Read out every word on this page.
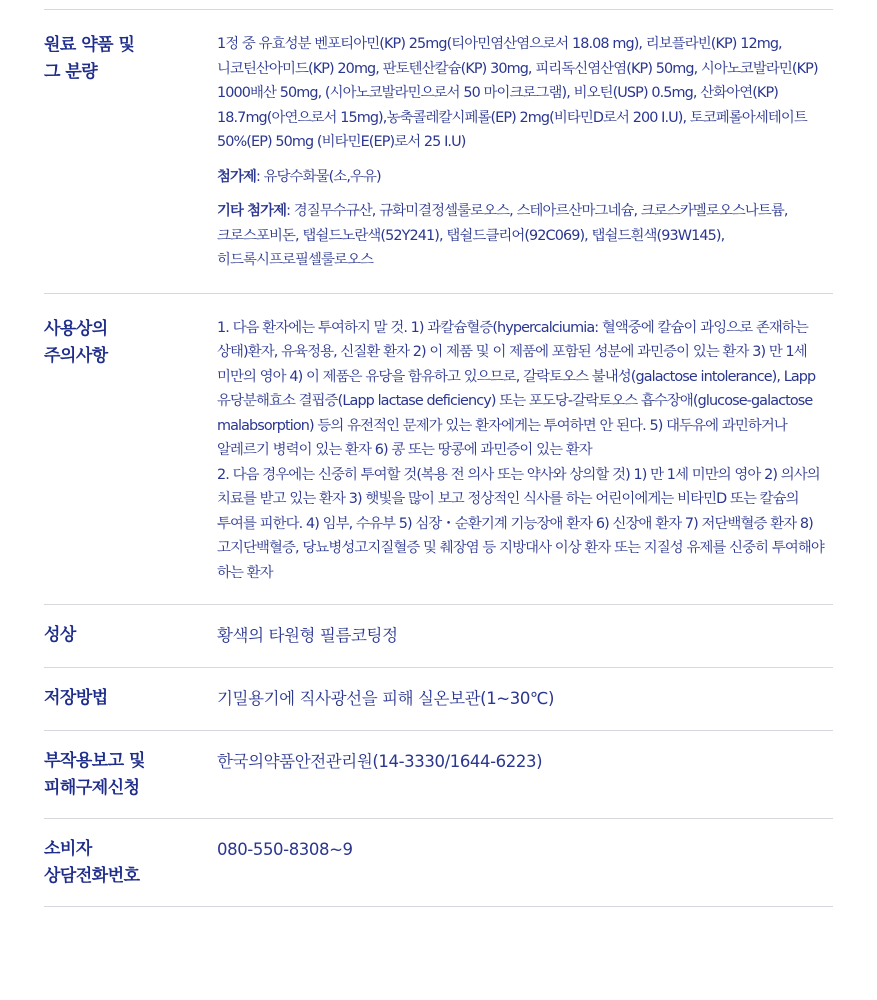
원료 약품 및
그 분량
1정 중 유효성분 벤포티아민(KP) 25mg(티아민염산염으로서 18.08 mg), 리보플라빈(KP) 12mg, 니코틴산아미드(KP) 20mg, 판토텐산칼슘(KP) 30mg, 피리독신염산염(KP) 50mg, 시아노코발라민(KP) 1000배산 50mg, (시아노코발라민으로서 50 마이크로그램), 비오틴(USP) 0.5mg, 산화아연(KP) 18.7mg(아연으로서 15mg),농축콜레칼시페롤(EP) 2mg(비타민D로서 200 I.U), 토코페롤아세테이트 50%(EP) 50mg (비타민E(EP)로서 25 I.U)
첨가제: 유당수화물(소,우유)
기타 첨가제: 경질무수규산, 규화미결정셀룰로오스, 스테아르산마그네슘, 크로스카멜로오스나트륨, 크로스포비돈, 탭쉴드노란색(52Y241), 탭쉴드클리어(92C069), 탭쉴드흰색(93W145), 히드록시프로필셀룰로오스
사용상의
주의사항
1. 다음 환자에는 투여하지 말 것. 1) 과칼슘혈증(hypercalciumia: 혈액중에 칼슘이 과잉으로 존재하는 상태)환자, 유육정용, 신질환 환자 2) 이 제품 및 이 제품에 포함된 성분에 과민증이 있는 환자 3) 만 1세 미만의 영아 4) 이 제품은 유당을 함유하고 있으므로, 갈락토오스 불내성(galactose intolerance), Lapp 유당분해효소 결핍증(Lapp lactase deficiency) 또는 포도당-갈락토오스 흡수장애(glucose-galactose malabsorption) 등의 유전적인 문제가 있는 환자에게는 투여하면 안 된다. 5) 대두유에 과민하거나 알레르기 병력이 있는 환자 6) 콩 또는 땅콩에 과민증이 있는 환자
2. 다음 경우에는 신중히 투여할 것(복용 전 의사 또는 약사와 상의할 것) 1) 만 1세 미만의 영아 2) 의사의 치료를 받고 있는 환자 3) 햇빛을 많이 보고 정상적인 식사를 하는 어린이에게는 비타민D 또는 칼슘의 투여를 피한다. 4) 임부, 수유부 5) 심장・순환기계 기능장애 환자 6) 신장애 환자 7) 저단백혈증 환자 8) 고지단백혈증, 당뇨병성고지질혈증 및 췌장염 등 지방대사 이상 환자 또는 지질성 유제를 신중히 투여해야 하는 환자
성상	황색의 타원형 필름코팅정
저장방법	기밀용기에 직사광선을 피해 실온보관(1~30℃)
부작용보고 및
피해구제신청
한국의약품안전관리원(14-3330/1644-6223)
소비자
상담전화번호
080-550-8308~9
